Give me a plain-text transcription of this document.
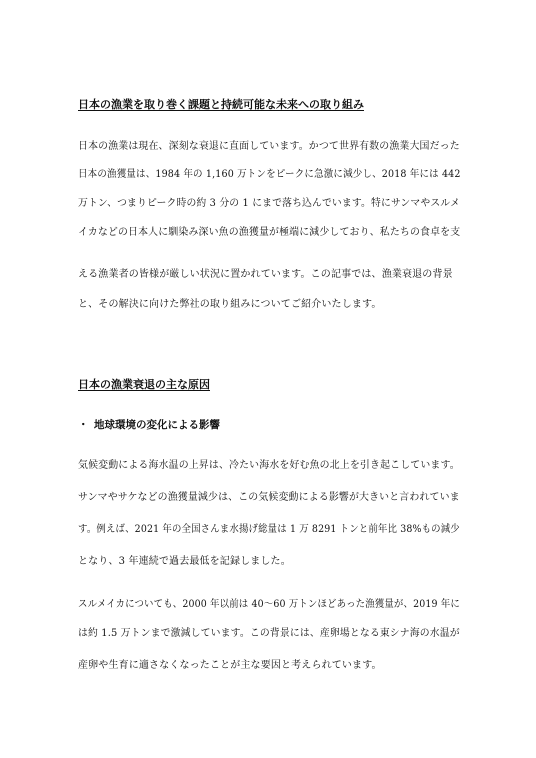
日本の漁業を取り巻く課題と持続可能な未来への取り組み
日本の漁業は現在、深刻な衰退に直面しています。かつて世界有数の漁業大国だった
日本の漁獲量は、1984 年の 1,160 万トンをピークに急激に減少し、2018 年には 442
万トン、つまりピーク時の約 3 分の 1 にまで落ち込んでいます。特にサンマやスルメ
イカなどの日本人に馴染み深い魚の漁獲量が極端に減少しており、私たちの食卓を支
える漁業者の皆様が厳しい状況に置かれています。この記事では、漁業衰退の背景
と、その解決に向けた弊社の取り組みについてご紹介いたします。
日本の漁業衰退の主な原因
・ 地球環境の変化による影響
気候変動による海水温の上昇は、冷たい海水を好む魚の北上を引き起こしています。
サンマやサケなどの漁獲量減少は、この気候変動による影響が大きいと言われていま
す。例えば、2021 年の全国さんま水揚げ総量は 1 万 8291 トンと前年比 38%もの減少
となり、3 年連続で過去最低を記録しました。
スルメイカについても、2000 年以前は 40～60 万トンほどあった漁獲量が、2019 年に
は約 1.5 万トンまで激減しています。この背景には、産卵場となる東シナ海の水温が
産卵や生育に適さなくなったことが主な要因と考えられています。
